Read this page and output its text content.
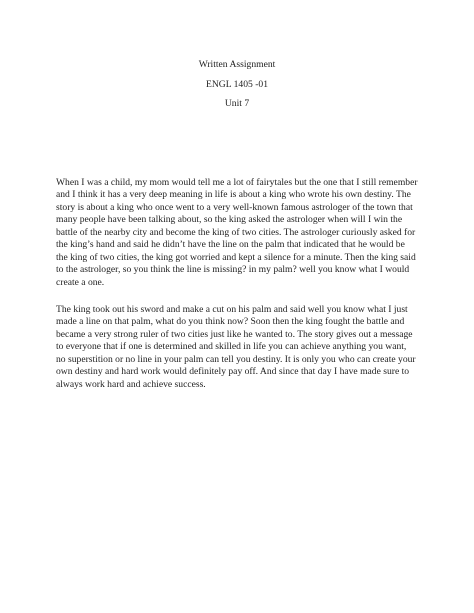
Written Assignment
ENGL 1405 -01
Unit 7

When I was a child, my mom would tell me a lot of fairytales but the one that I still remember and I think it has a very deep meaning in life is about a king who wrote his own destiny. The story is about a king who once went to a very well-known famous astrologer of the town that many people have been talking about, so the king asked the astrologer when will I win the battle of the nearby city and become the king of two cities. The astrologer curiously asked for the king’s hand and said he didn’t have the line on the palm that indicated that he would be the king of two cities, the king got worried and kept a silence for a minute. Then the king said to the astrologer, so you think the line is missing? in my palm? well you know what I would create a one.

The king took out his sword and make a cut on his palm and said well you know what I just made a line on that palm, what do you think now? Soon then the king fought the battle and became a very strong ruler of two cities just like he wanted to. The story gives out a message to everyone that if one is determined and skilled in life you can achieve anything you want, no superstition or no line in your palm can tell you destiny. It is only you who can create your own destiny and hard work would definitely pay off. And since that day I have made sure to always work hard and achieve success.
